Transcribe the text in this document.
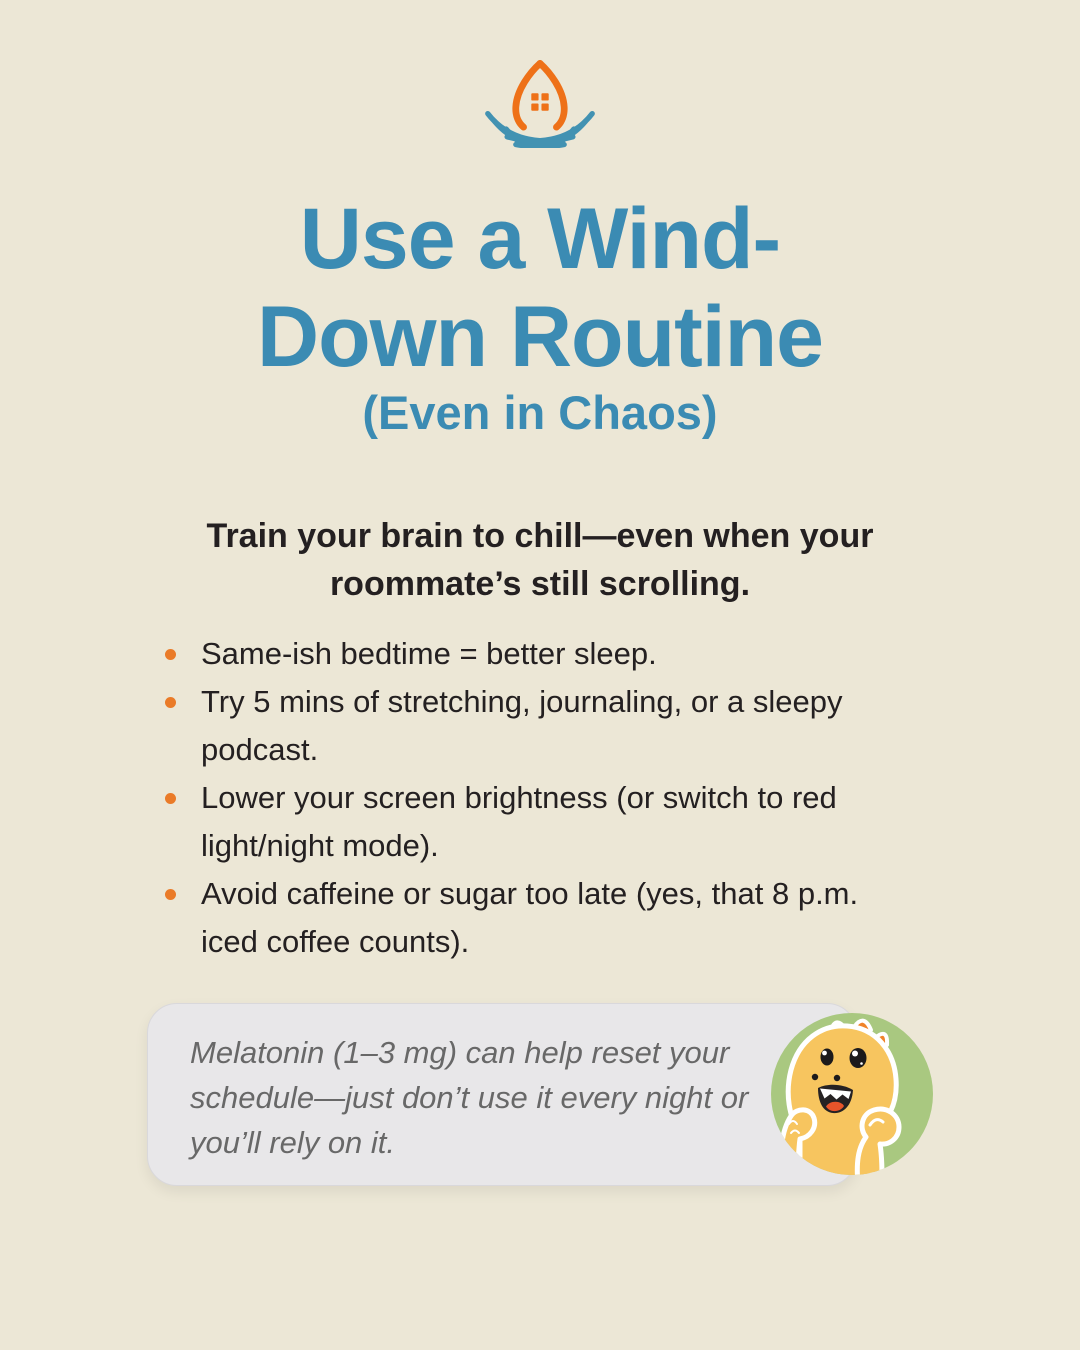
Use a Wind-
Down Routine
(Even in Chaos)

Train your brain to chill—even when your roommate’s still scrolling.

Same-ish bedtime = better sleep.
Try 5 mins of stretching, journaling, or a sleepy podcast.
Lower your screen brightness (or switch to red light/night mode).
Avoid caffeine or sugar too late (yes, that 8 p.m. iced coffee counts).

Melatonin (1–3 mg) can help reset your schedule—just don’t use it every night or you’ll rely on it.
